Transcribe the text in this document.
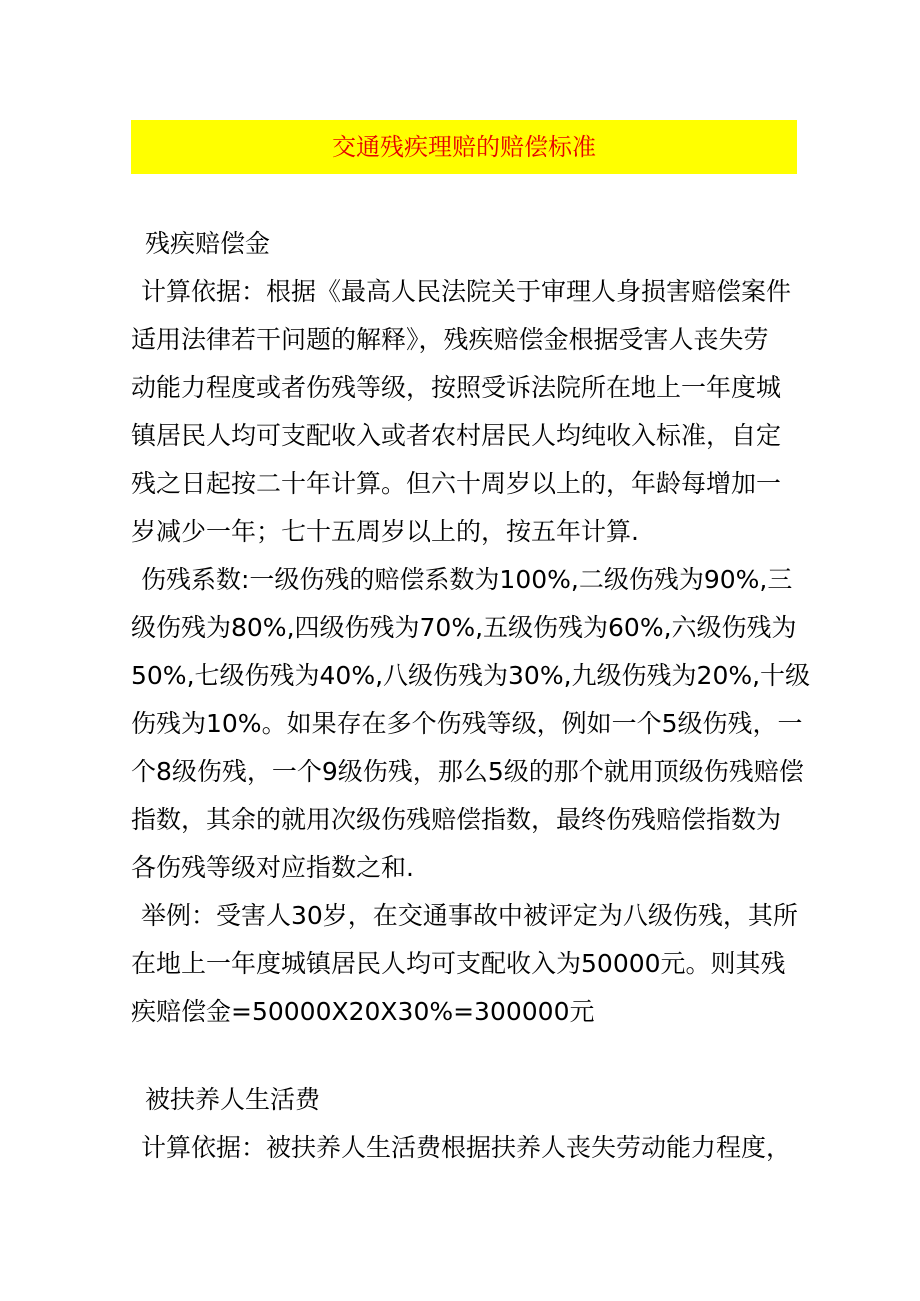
交通残疾理赔的赔偿标准

残疾赔偿金

计算依据：根据《最高人民法院关于审理人身损害赔偿案件
适用法律若干问题的解释》，残疾赔偿金根据受害人丧失劳
动能力程度或者伤残等级，按照受诉法院所在地上一年度城
镇居民人均可支配收入或者农村居民人均纯收入标准，自定
残之日起按二十年计算。但六十周岁以上的，年龄每增加一
岁减少一年；七十五周岁以上的，按五年计算.
伤残系数:一级伤残的赔偿系数为100%,二级伤残为90%,三
级伤残为80%,四级伤残为70%,五级伤残为60%,六级伤残为
50%,七级伤残为40%,八级伤残为30%,九级伤残为20%,十级
伤残为10%。如果存在多个伤残等级，例如一个5级伤残，一
个8级伤残，一个9级伤残，那么5级的那个就用顶级伤残赔偿
指数，其余的就用次级伤残赔偿指数，最终伤残赔偿指数为
各伤残等级对应指数之和.
举例：受害人30岁，在交通事故中被评定为八级伤残，其所
在地上一年度城镇居民人均可支配收入为50000元。则其残
疾赔偿金=50000X20X30%=300000元

被扶养人生活费

计算依据：被扶养人生活费根据扶养人丧失劳动能力程度，
